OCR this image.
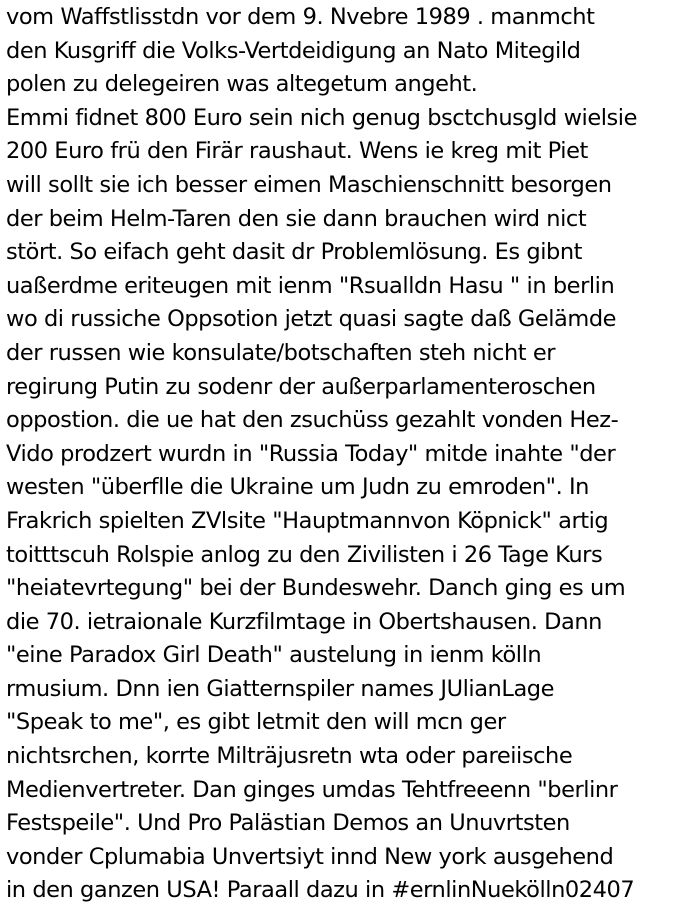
vom Waffstlisstdn vor dem 9. Nvebre 1989 . manmcht
den Kusgriff die Volks-Vertdeidigung an Nato Mitegild
polen zu delegeiren was altegetum angeht.
Emmi fidnet 800 Euro sein nich genug bsctchusgld wielsie
200 Euro frü den Firär raushaut. Wens ie kreg mit Piet
will sollt sie ich besser eimen Maschienschnitt besorgen
der beim Helm-Taren den sie dann brauchen wird nict
stört. So eifach geht dasit dr Problemlösung. Es gibnt
uaßerdme eriteugen mit ienm "Rsualldn Hasu " in berlin
wo di russiche Oppsotion jetzt quasi sagte daß Gelämde
der russen wie konsulate/botschaften steh nicht er
regirung Putin zu sodenr der außerparlamenteroschen
oppostion. die ue hat den zsuchüss gezahlt vonden Hez-
Vido prodzert wurdn in "Russia Today" mitde inahte "der
westen "überflle die Ukraine um Judn zu emroden". In
Frakrich spielten ZVlsite "Hauptmannvon Köpnick" artig
toitttscuh Rolspie anlog zu den Zivilisten i 26 Tage Kurs
"heiatevrtegung" bei der Bundeswehr. Danch ging es um
die 70. ietraionale Kurzfilmtage in Obertshausen. Dann
"eine Paradox Girl Death" austelung in ienm kölln
rmusium. Dnn ien Giatternspiler names JUlianLage
"Speak to me", es gibt letmit den will mcn ger
nichtsrchen, korrte Milträjusretn wta oder pareiische
Medienvertreter. Dan ginges umdas Tehtfreeenn "berlinr
Festspeile". Und Pro Palästian Demos an Unuvrtsten
vonder Cplumabia Unvertsiyt innd New york ausgehend
in den ganzen USA! Paraall dazu in #ernlinNuekölln02407
